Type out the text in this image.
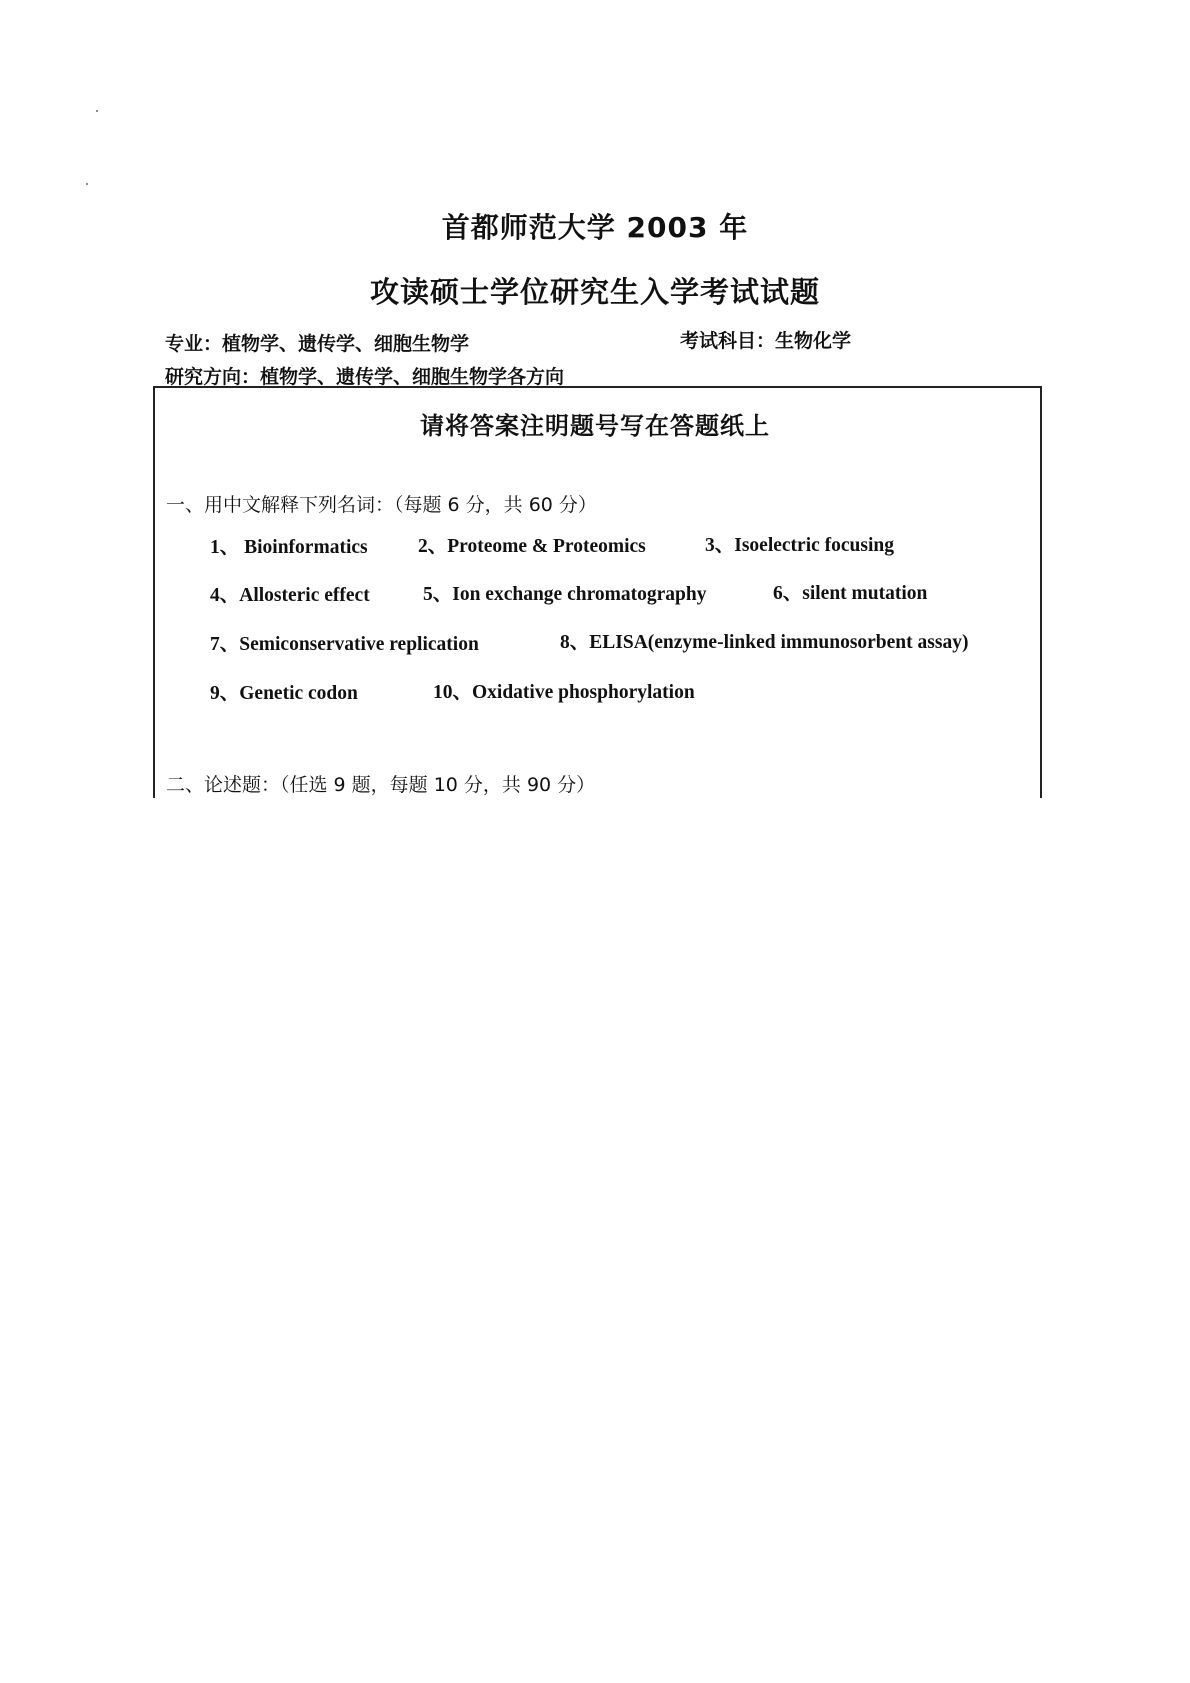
首都师范大学 2003 年
攻读硕士学位研究生入学考试试题
专业：植物学、遗传学、细胞生物学	考试科目：生物化学
研究方向：植物学、遗传学、细胞生物学各方向
请将答案注明题号写在答题纸上
一、用中文解释下列名词：（每题 6 分，共 60 分）
1、 Bioinformatics	2、Proteome & Proteomics	3、Isoelectric focusing
4、Allosteric effect	5、Ion exchange chromatography	6、silent mutation
7、Semiconservative replication	8、ELISA(enzyme-linked immunosorbent assay)
9、Genetic codon	10、Oxidative phosphorylation
二、论述题：（任选 9 题，每题 10 分，共 90 分）
